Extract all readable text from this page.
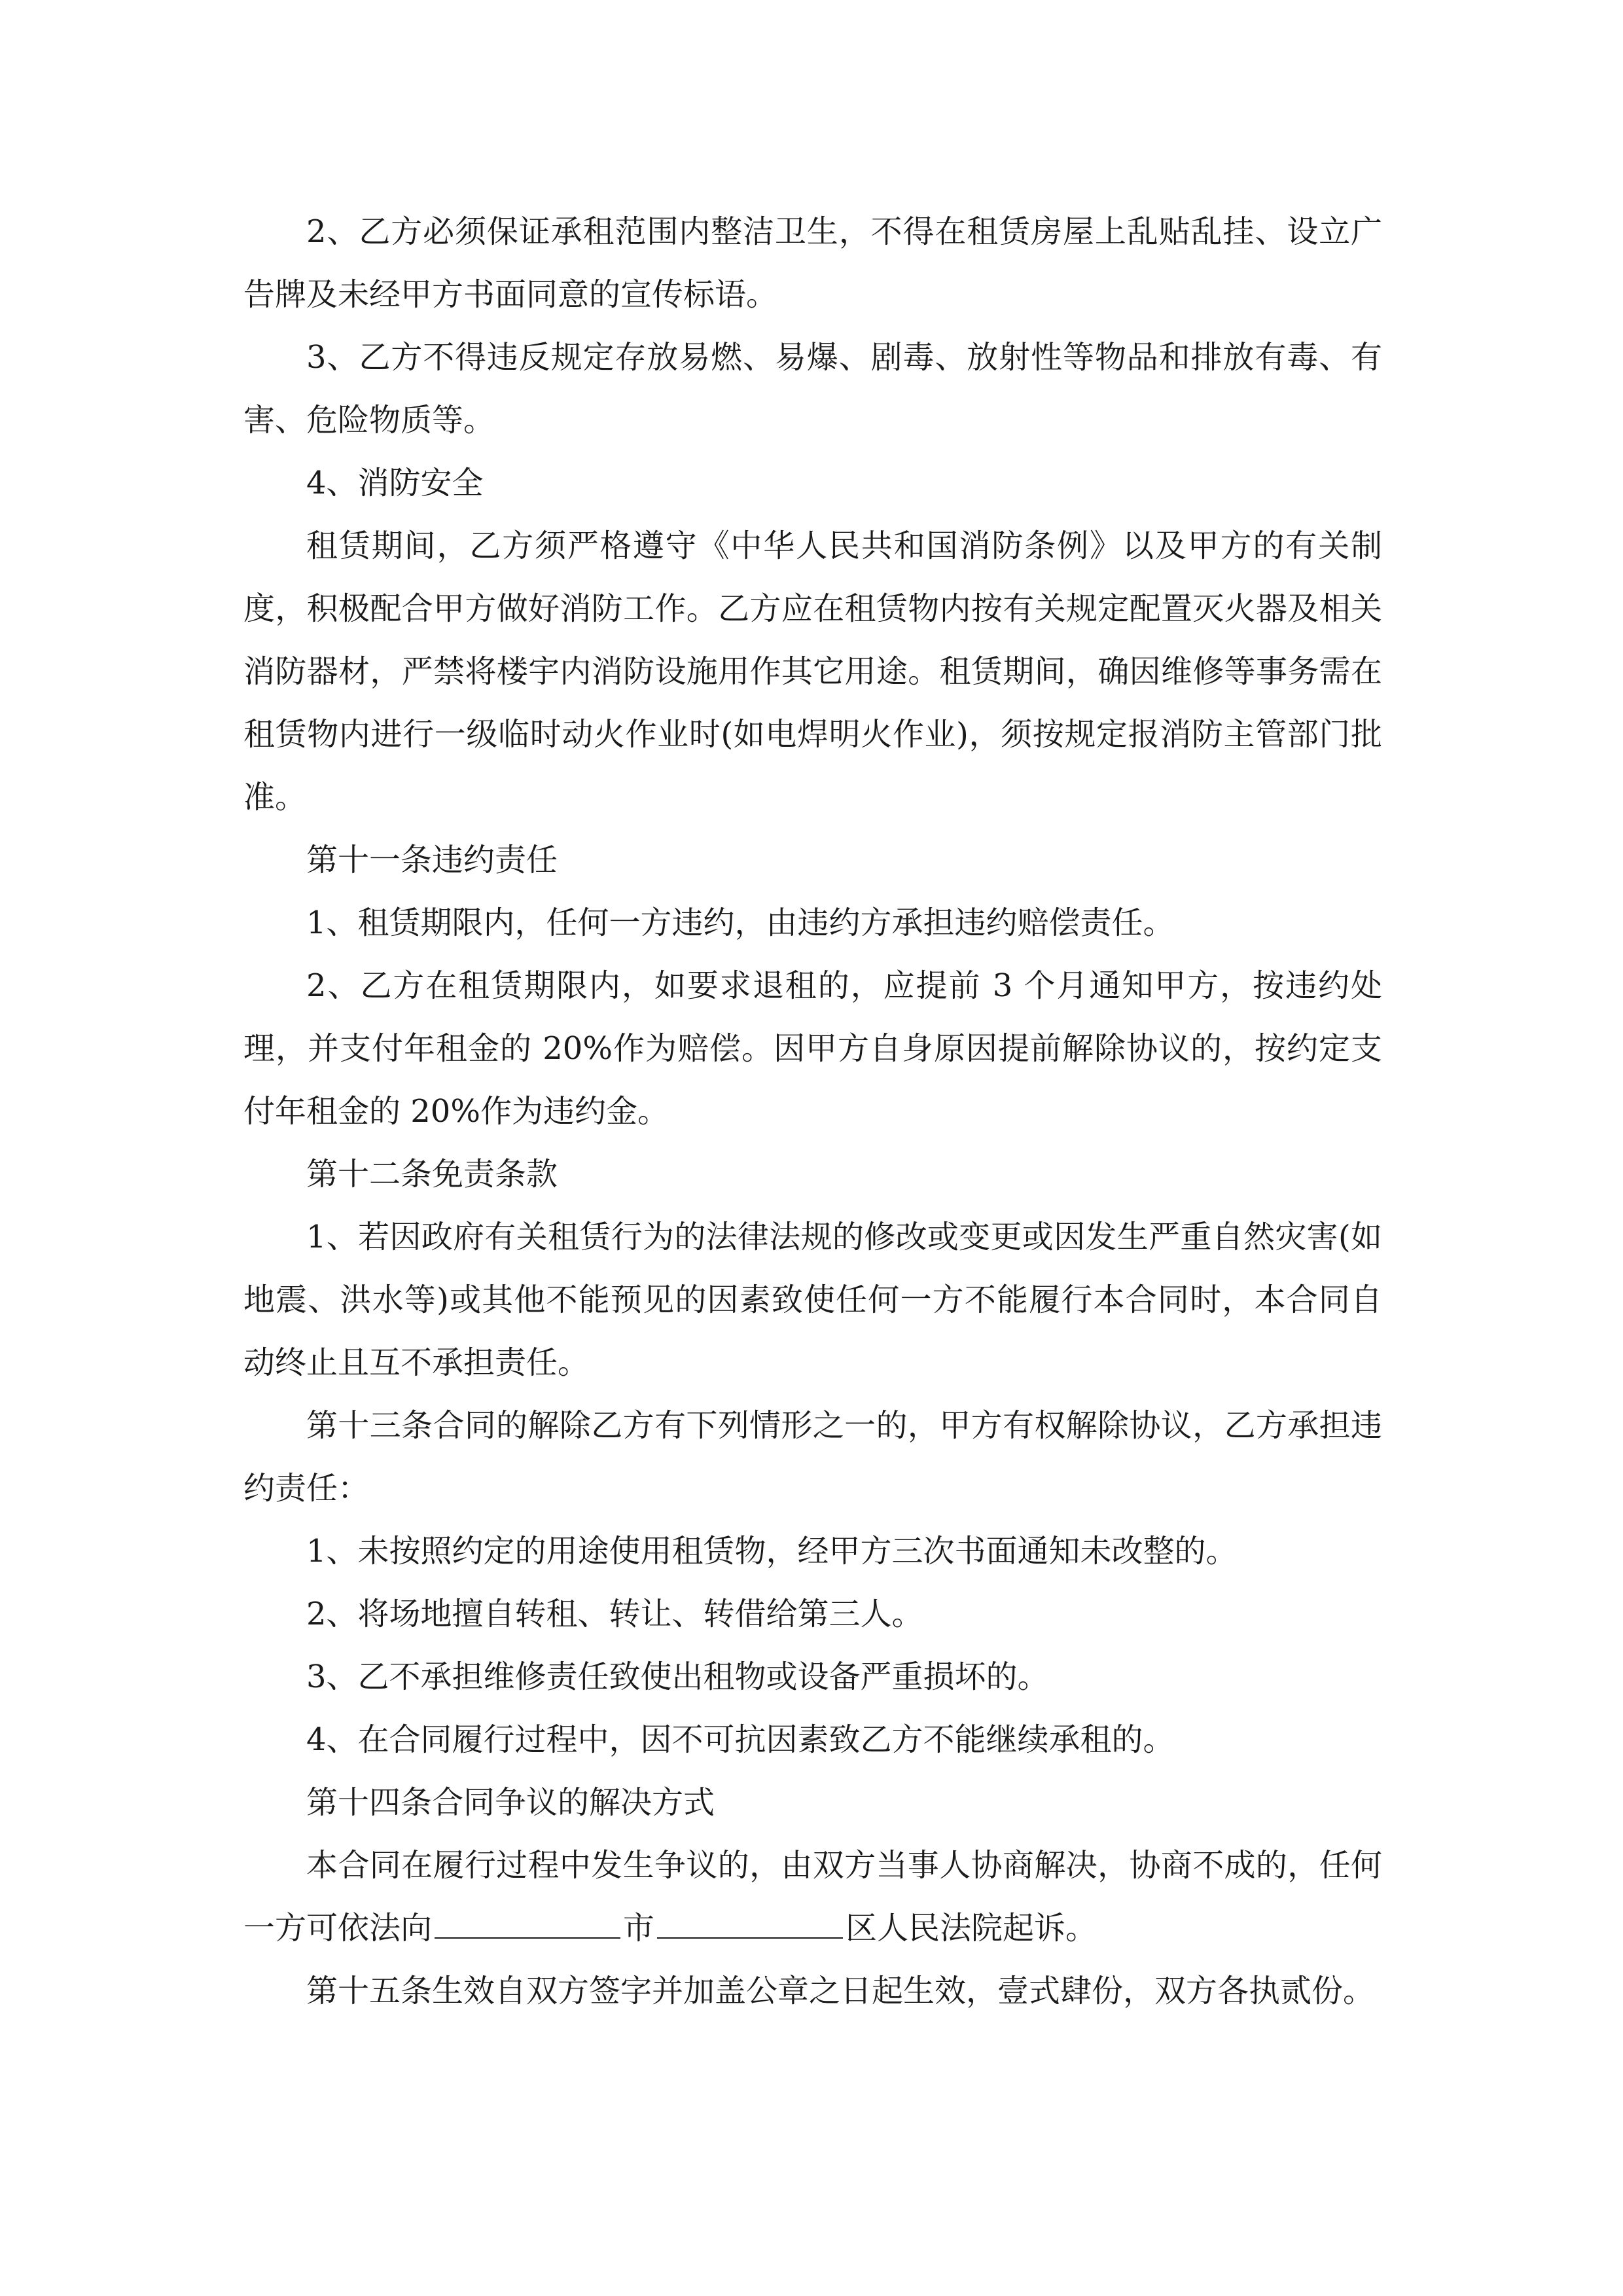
2、乙方必须保证承租范围内整洁卫生，不得在租赁房屋上乱贴乱挂、设立广告牌及未经甲方书面同意的宣传标语。

3、乙方不得违反规定存放易燃、易爆、剧毒、放射性等物品和排放有毒、有害、危险物质等。

4、消防安全

租赁期间，乙方须严格遵守《中华人民共和国消防条例》以及甲方的有关制度，积极配合甲方做好消防工作。乙方应在租赁物内按有关规定配置灭火器及相关消防器材，严禁将楼宇内消防设施用作其它用途。租赁期间，确因维修等事务需在租赁物内进行一级临时动火作业时(如电焊明火作业)，须按规定报消防主管部门批准。

第十一条违约责任

1、租赁期限内，任何一方违约，由违约方承担违约赔偿责任。

2、乙方在租赁期限内，如要求退租的，应提前 3 个月通知甲方，按违约处理，并支付年租金的 20%作为赔偿。因甲方自身原因提前解除协议的，按约定支付年租金的 20%作为违约金。

第十二条免责条款

1、若因政府有关租赁行为的法律法规的修改或变更或因发生严重自然灾害(如地震、洪水等)或其他不能预见的因素致使任何一方不能履行本合同时，本合同自动终止且互不承担责任。

第十三条合同的解除乙方有下列情形之一的，甲方有权解除协议，乙方承担违约责任：

1、未按照约定的用途使用租赁物，经甲方三次书面通知未改整的。

2、将场地擅自转租、转让、转借给第三人。

3、乙不承担维修责任致使出租物或设备严重损坏的。

4、在合同履行过程中，因不可抗因素致乙方不能继续承租的。

第十四条合同争议的解决方式

本合同在履行过程中发生争议的，由双方当事人协商解决，协商不成的，任何一方可依法向	市	区人民法院起诉。

第十五条生效自双方签字并加盖公章之日起生效，壹式肆份，双方各执贰份。
